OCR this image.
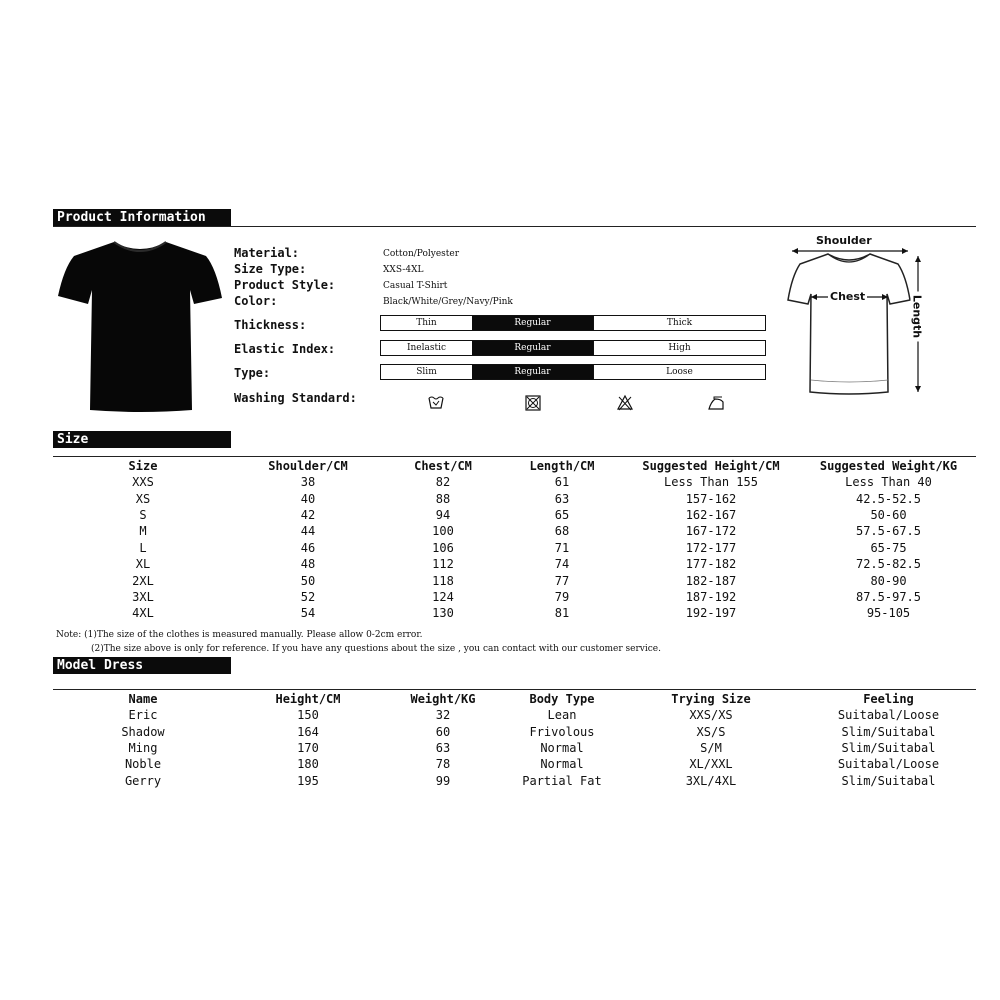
Product Information
Material:	Cotton/Polyester
Size Type:	XXS-4XL
Product Style:	Casual T-Shirt
Color:	Black/White/Grey/Navy/Pink
Thickness:	Thin	Regular	Thick
Elastic Index:	Inelastic	Regular	High
Type:	Slim	Regular	Loose
Washing Standard:
Shoulder
Chest	Length
Size
Size	Shoulder/CM	Chest/CM	Length/CM	Suggested Height/CM	Suggested Weight/KG
XXS	38	82	61	Less Than 155	Less Than 40
XS	40	88	63	157-162	42.5-52.5
S	42	94	65	162-167	50-60
M	44	100	68	167-172	57.5-67.5
L	46	106	71	172-177	65-75
XL	48	112	74	177-182	72.5-82.5
2XL	50	118	77	182-187	80-90
3XL	52	124	79	187-192	87.5-97.5
4XL	54	130	81	192-197	95-105
Note: (1)The size of the clothes is measured manually. Please allow 0-2cm error.
(2)The size above is only for reference. If you have any questions about the size , you can contact with our customer service.
Model Dress
Name	Height/CM	Weight/KG	Body Type	Trying Size	Feeling
Eric	150	32	Lean	XXS/XS	Suitabal/Loose
Shadow	164	60	Frivolous	XS/S	Slim/Suitabal
Ming	170	63	Normal	S/M	Slim/Suitabal
Noble	180	78	Normal	XL/XXL	Suitabal/Loose
Gerry	195	99	Partial Fat	3XL/4XL	Slim/Suitabal
